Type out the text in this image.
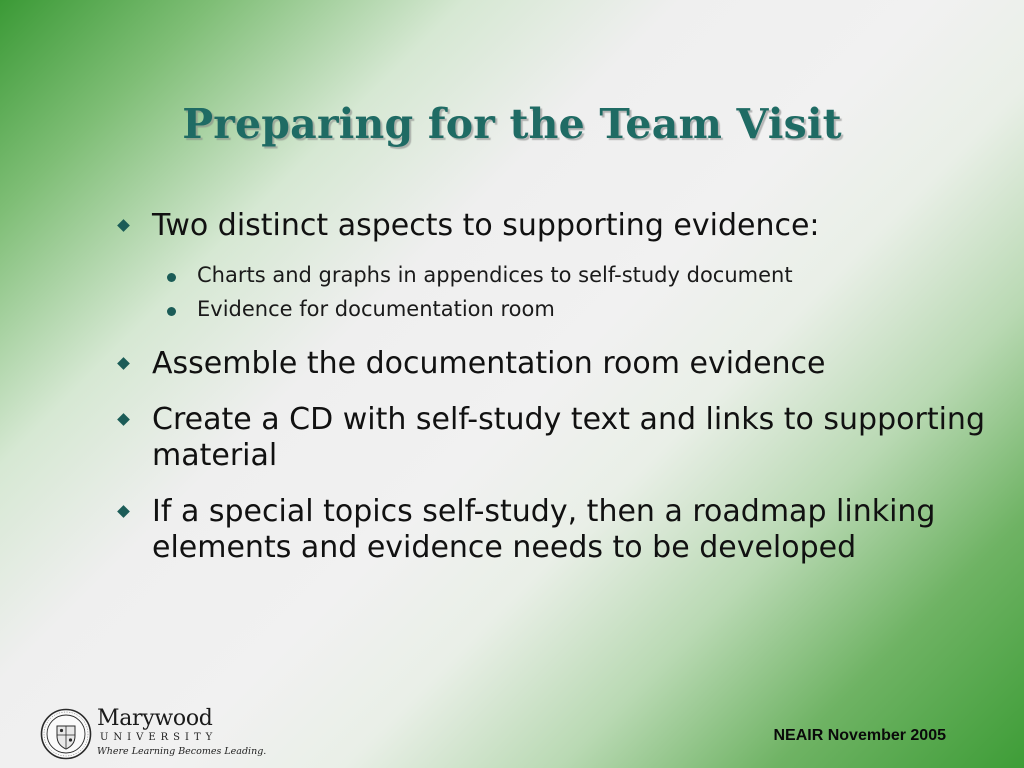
Preparing for the Team Visit
Two distinct aspects to supporting evidence:
Charts and graphs in appendices to self-study document
Evidence for documentation room
Assemble the documentation room evidence
Create a CD with self-study text and links to supporting material
If a special topics self-study, then a roadmap linking elements and evidence needs to be developed
Marywood
UNIVERSITY
Where Learning Becomes Leading.
NEAIR November 2005
